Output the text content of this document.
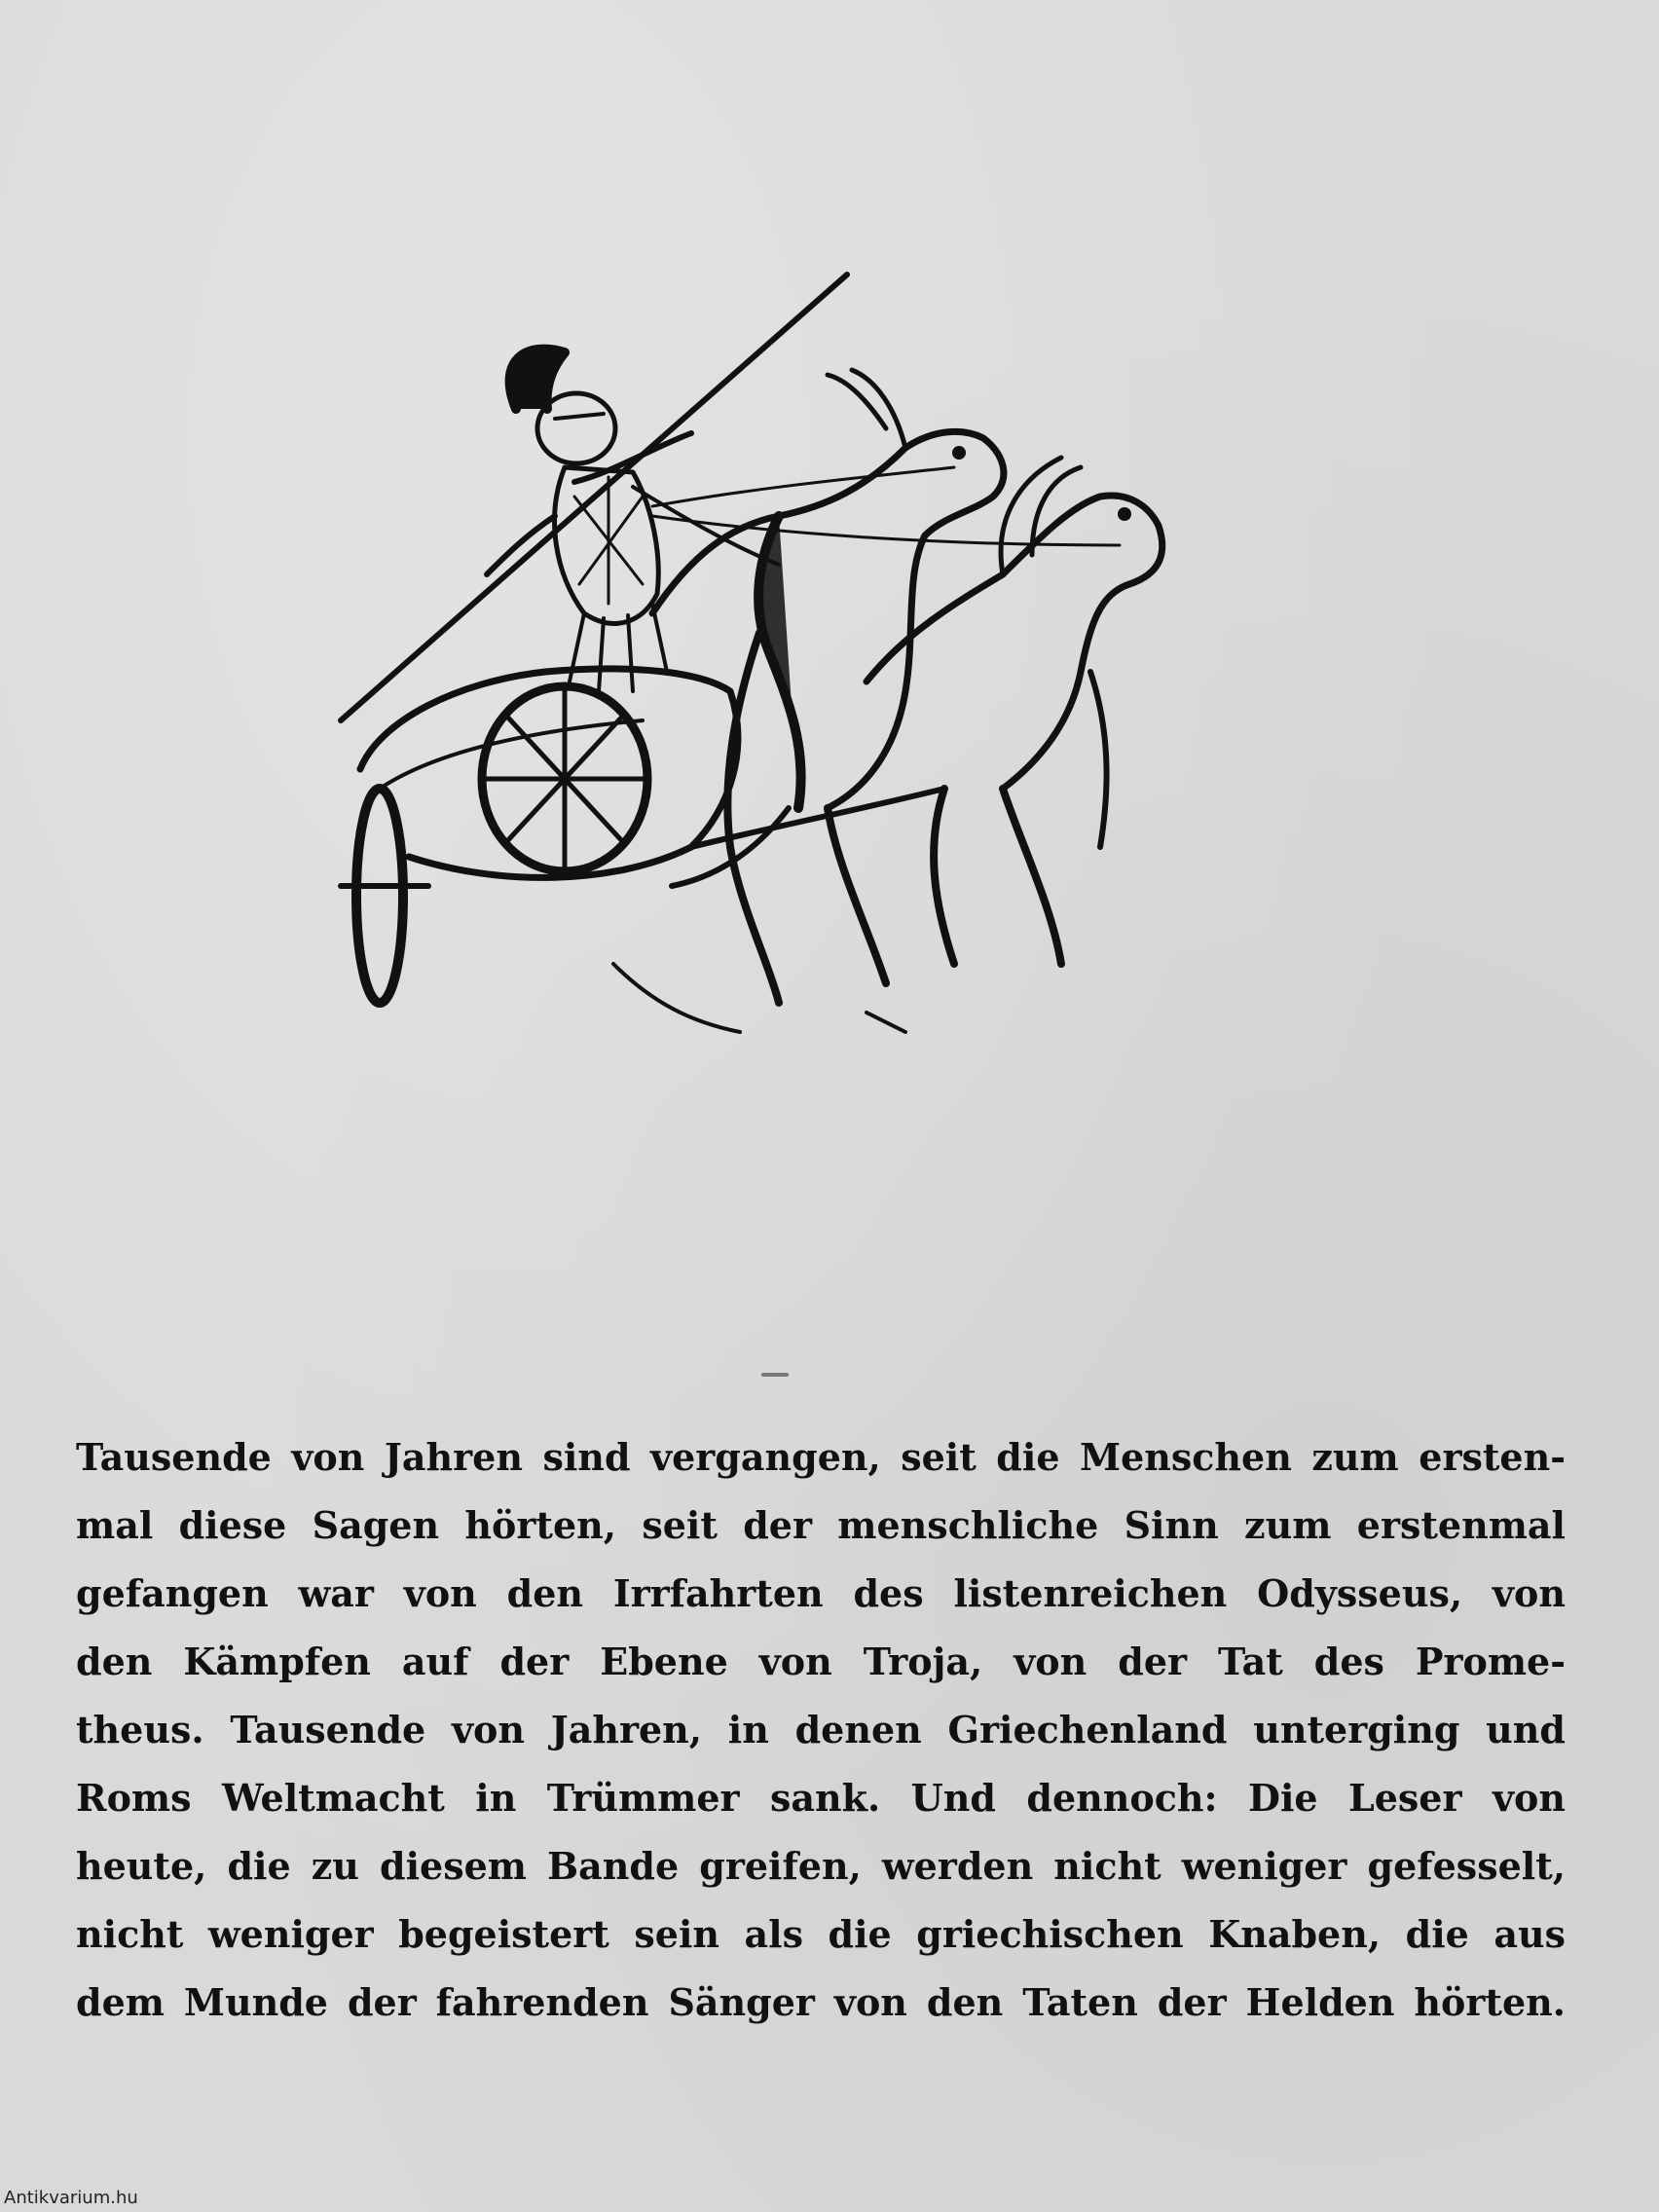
Tausende von Jahren sind vergangen, seit die Menschen zum ersten-
mal diese Sagen hörten, seit der menschliche Sinn zum erstenmal
gefangen war von den Irrfahrten des listenreichen Odysseus, von
den Kämpfen auf der Ebene von Troja, von der Tat des Prome-
theus. Tausende von Jahren, in denen Griechenland unterging und
Roms Weltmacht in Trümmer sank. Und dennoch: Die Leser von
heute, die zu diesem Bande greifen, werden nicht weniger gefesselt,
nicht weniger begeistert sein als die griechischen Knaben, die aus
dem Munde der fahrenden Sänger von den Taten der Helden hörten.
Antikvarium.hu
